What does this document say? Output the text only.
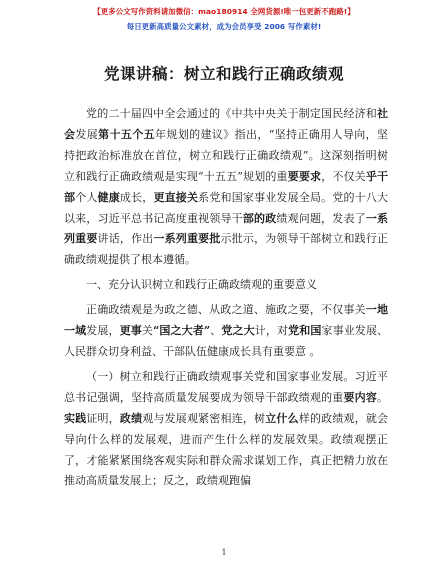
【更多公文写作资料请加微信：mao180914 全网货源!唯一包更新不跑路!】
每日更新高质量公文素材，成为会员享受 2006 写作素材!
党课讲稿：树立和践行正确政绩观

党的二十届四中全会通过的《中共中央关于制定国民经济和社会发展第十五个五年规划的建议》指出，“坚持正确用人导向，坚持把政治标准放在首位，树立和践行正确政绩观”。这深刻指明树立和践行正确政绩观是实现“十五五”规划的重要要求，不仅关乎干部个人健康成长，更直接关系党和国家事业发展全局。党的十八大以来，习近平总书记高度重视领导干部的政绩观问题，发表了一系列重要讲话，作出一系列重要批示批示，为领导干部树立和践行正确政绩观提供了根本遵循。

一、充分认识树立和践行正确政绩观的重要意义

正确政绩观是为政之德、从政之道、施政之要，不仅事关一地一域发展，更事关“国之大者”、党之大计，对党和国家事业发展、人民群众切身利益、干部队伍健康成长具有重要意 。

（一）树立和践行正确政绩观事关党和国家事业发展。习近平总书记强调，坚持高质量发展要成为领导干部政绩观的重要内容。实践证明，政绩观与发展观紧密相连，树立什么样的政绩观，就会导向什么样的发展观，进而产生什么样的发展效果。政绩观摆正了，才能紧紧围绕客观实际和群众需求谋划工作，真正把精力放在推动高质量发展上；反之，政绩观跑偏

1
